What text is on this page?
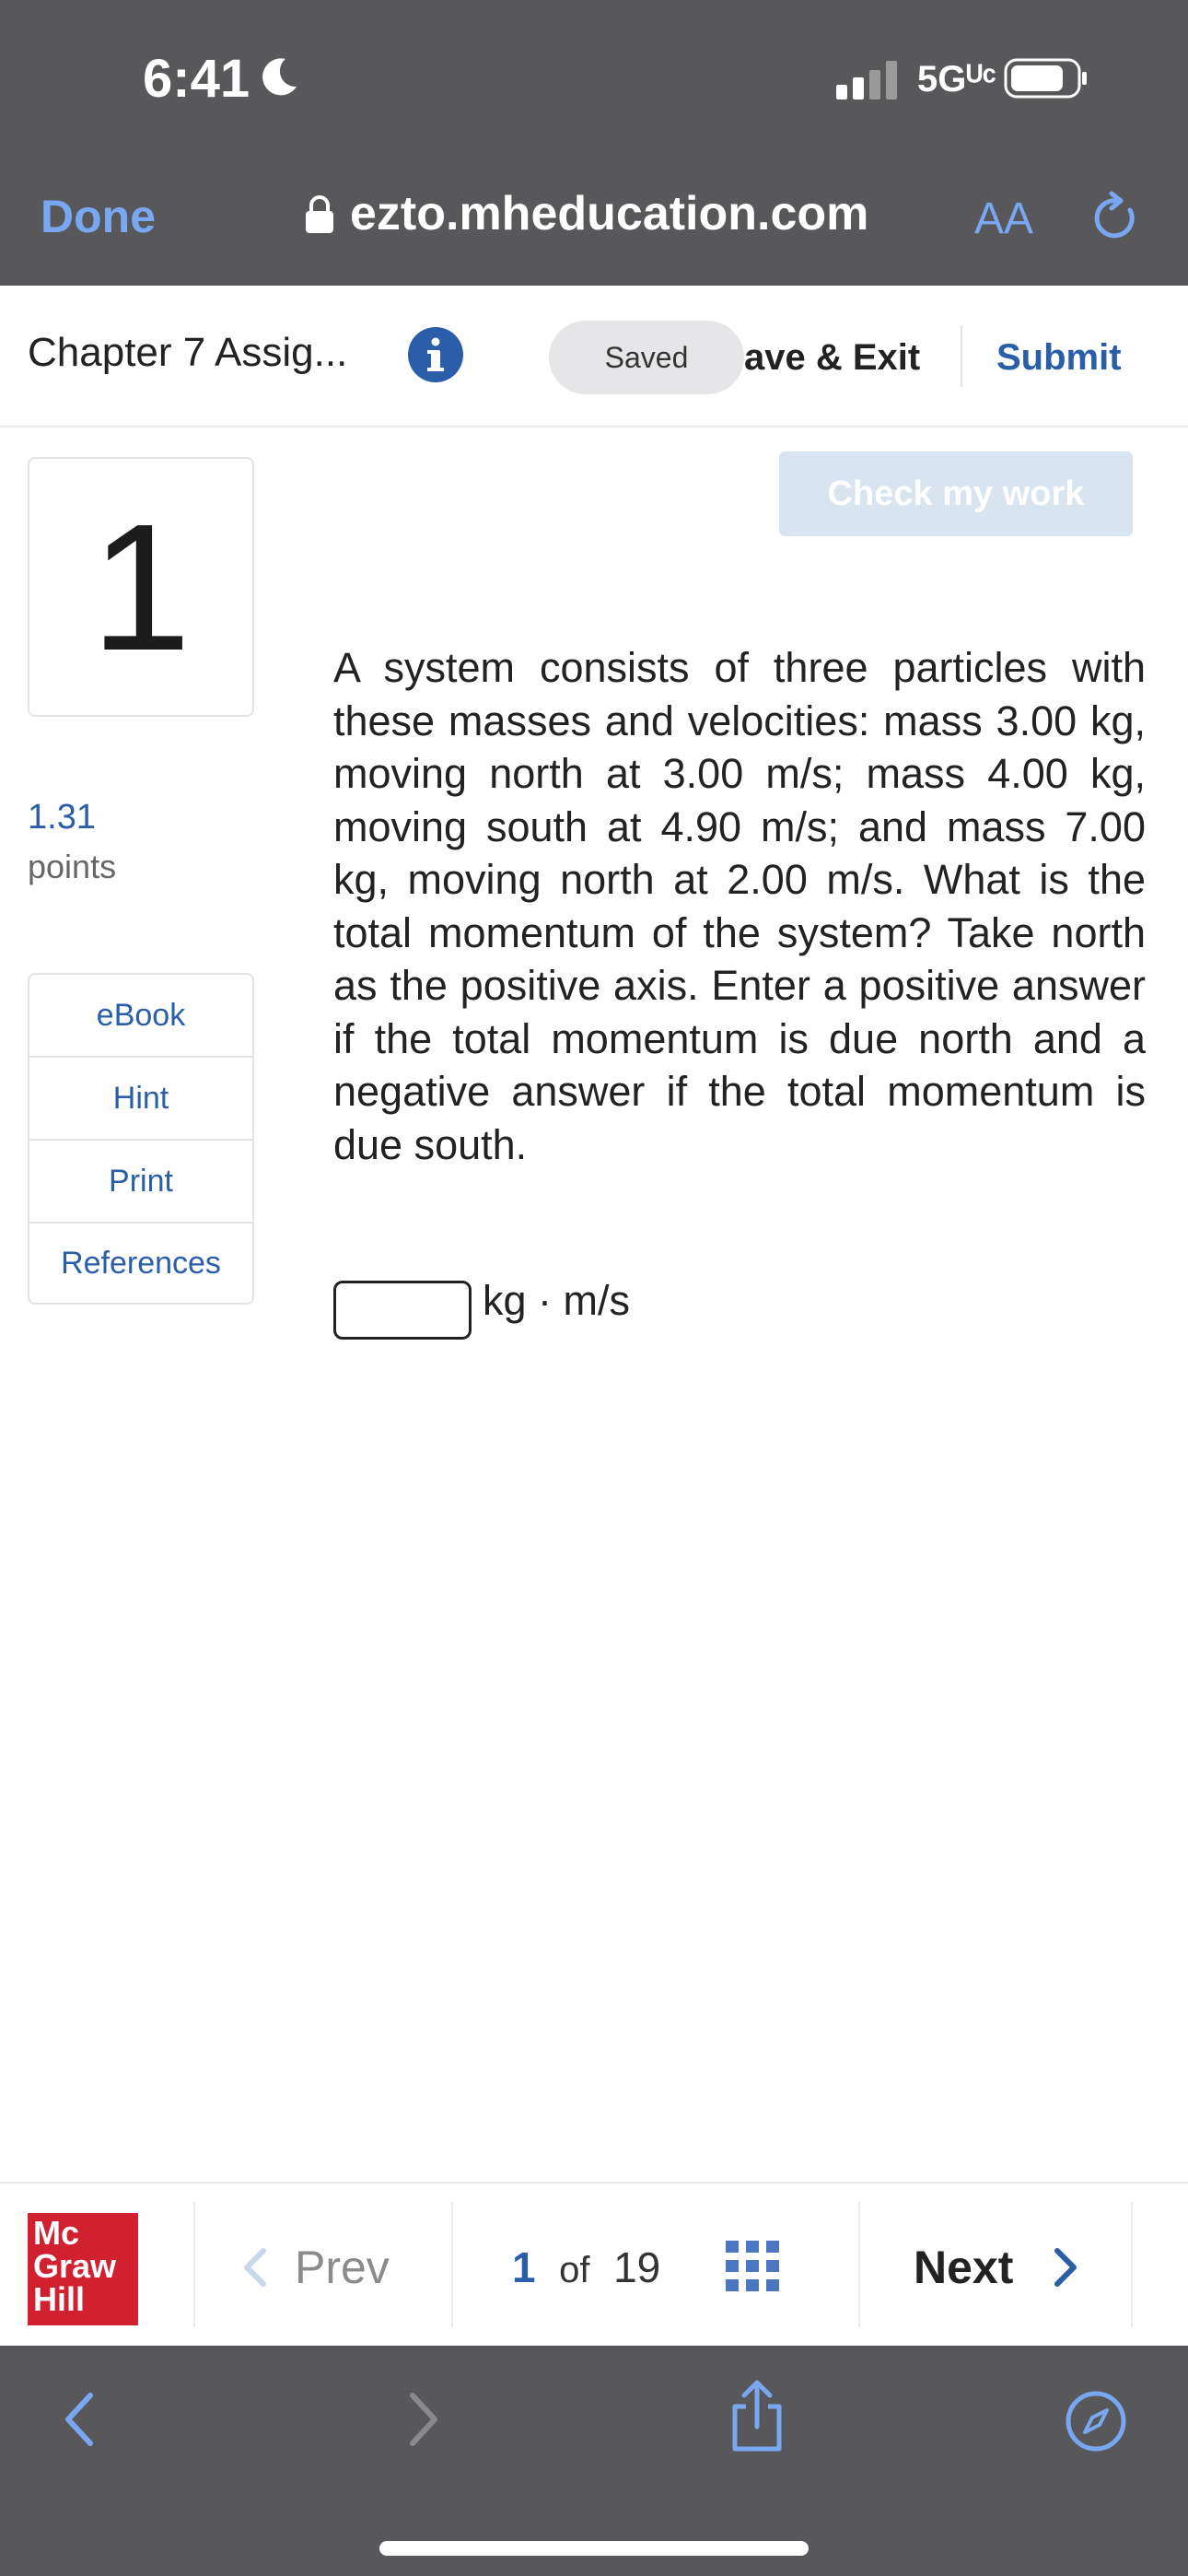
6:41	5Gᵁᶜ
Done	ezto.mheducation.com AA
Chapter 7 Assig...	Saved	ave & Exit Submit
1
1.31
points
eBook
Hint
Print
References
Check my work
A system consists of three particles with these masses and velocities: mass 3.00 kg, moving north at 3.00 m/s; mass 4.00 kg, moving south at 4.90 m/s; and mass 7.00 kg, moving north at 2.00 m/s. What is the total momentum of the system? Take north as the positive axis. Enter a positive answer if the total momentum is due north and a negative answer if the total momentum is due south.
kg · m/s
Mc
Graw
Hill
Prev	1 of 19	Next
